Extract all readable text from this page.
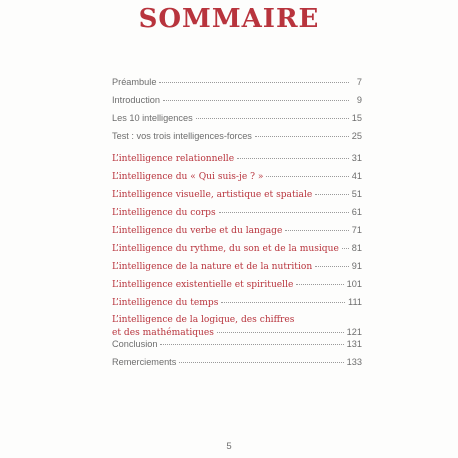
SOMMAIRE
Préambule	7
Introduction	9
Les 10 intelligences	15
Test : vos trois intelligences-forces	25
L’intelligence relationnelle	31
L’intelligence du « Qui suis-je ? »	41
L’intelligence visuelle, artistique et spatiale	51
L’intelligence du corps	61
L’intelligence du verbe et du langage	71
L’intelligence du rythme, du son et de la musique 81
L’intelligence de la nature et de la nutrition	91
L’intelligence existentielle et spirituelle	101
L’intelligence du temps	111
L’intelligence de la logique, des chiffres
et des mathématiques	121
Conclusion	131
Remerciements	133
5
